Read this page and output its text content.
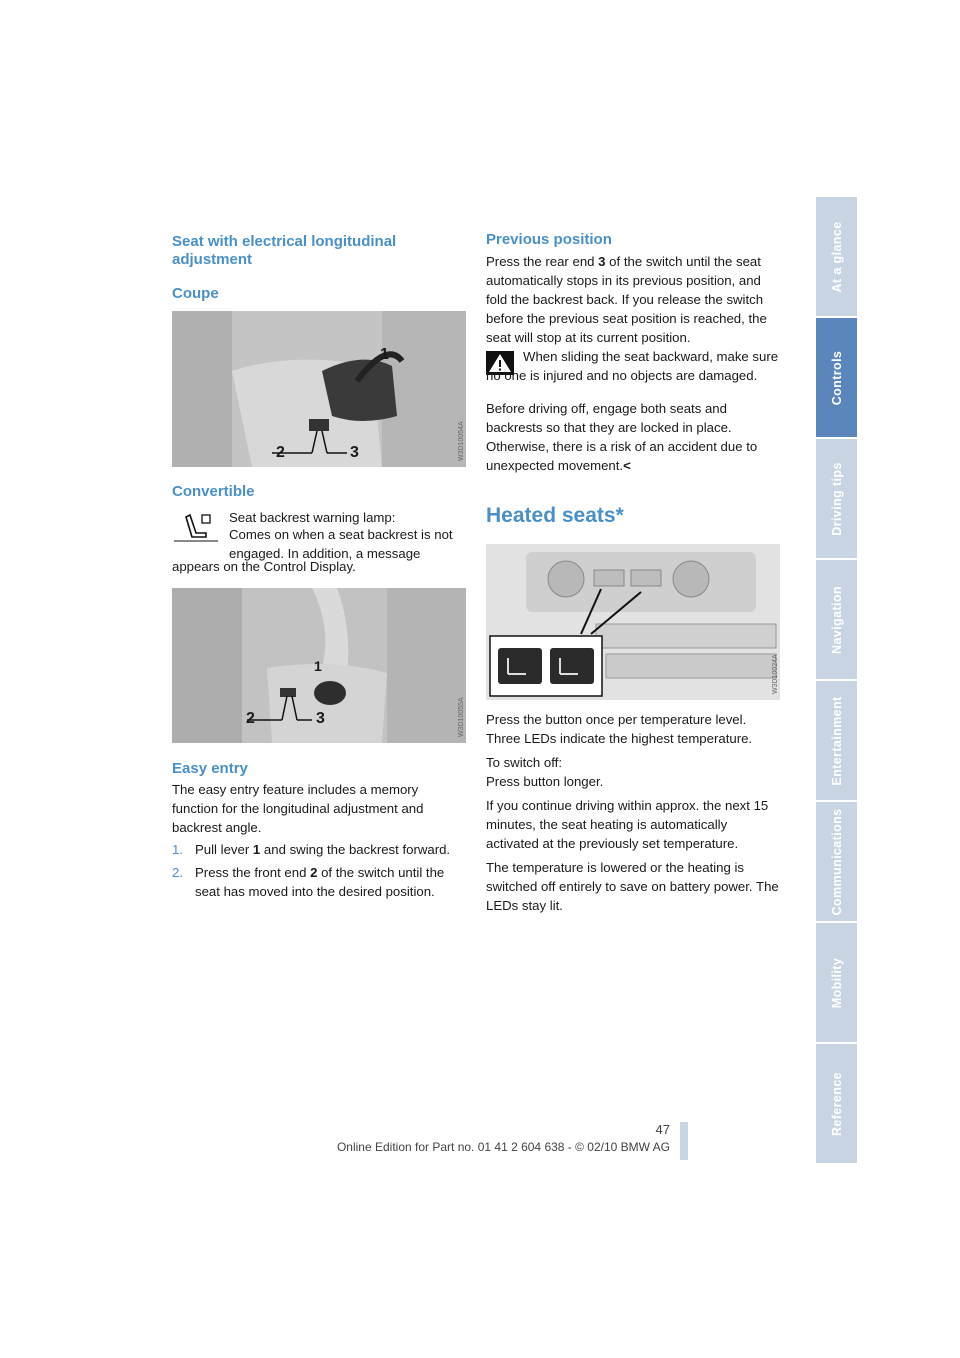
Seat with electrical longitudinal adjustment
Coupe
1
2	3	W3D10054A
Convertible
Seat backrest warning lamp:
Comes on when a seat backrest is not engaged. In addition, a message
appears on the Control Display.
1
2	3	W3D10055A
Easy entry
The easy entry feature includes a memory function for the longitudinal adjustment and backrest angle.
1. Pull lever 1 and swing the backrest forward.
2. Press the front end 2 of the switch until the seat has moved into the desired position.
Previous position
Press the rear end 3 of the switch until the seat automatically stops in its previous position, and fold the backrest back. If you release the switch before the previous seat position is reached, the seat will stop at its current position.
When sliding the seat backward, make sure no one is injured and no objects are damaged.
Before driving off, engage both seats and backrests so that they are locked in place. Otherwise, there is a risk of an accident due to unexpected movement.<
Heated seats*
W3D10024A

Press the button once per temperature level. Three LEDs indicate the highest temperature.

To switch off:

Press button longer.

If you continue driving within approx. the next 15 minutes, the seat heating is automatically activated at the previously set temperature.

The temperature is lowered or the heating is switched off entirely to save on battery power. The LEDs stay lit.

At a glance
Controls
Driving tips
Navigation
Entertainment
Communications
Mobility
Reference
47
Online Edition for Part no. 01 41 2 604 638 - © 02/10 BMW AG
